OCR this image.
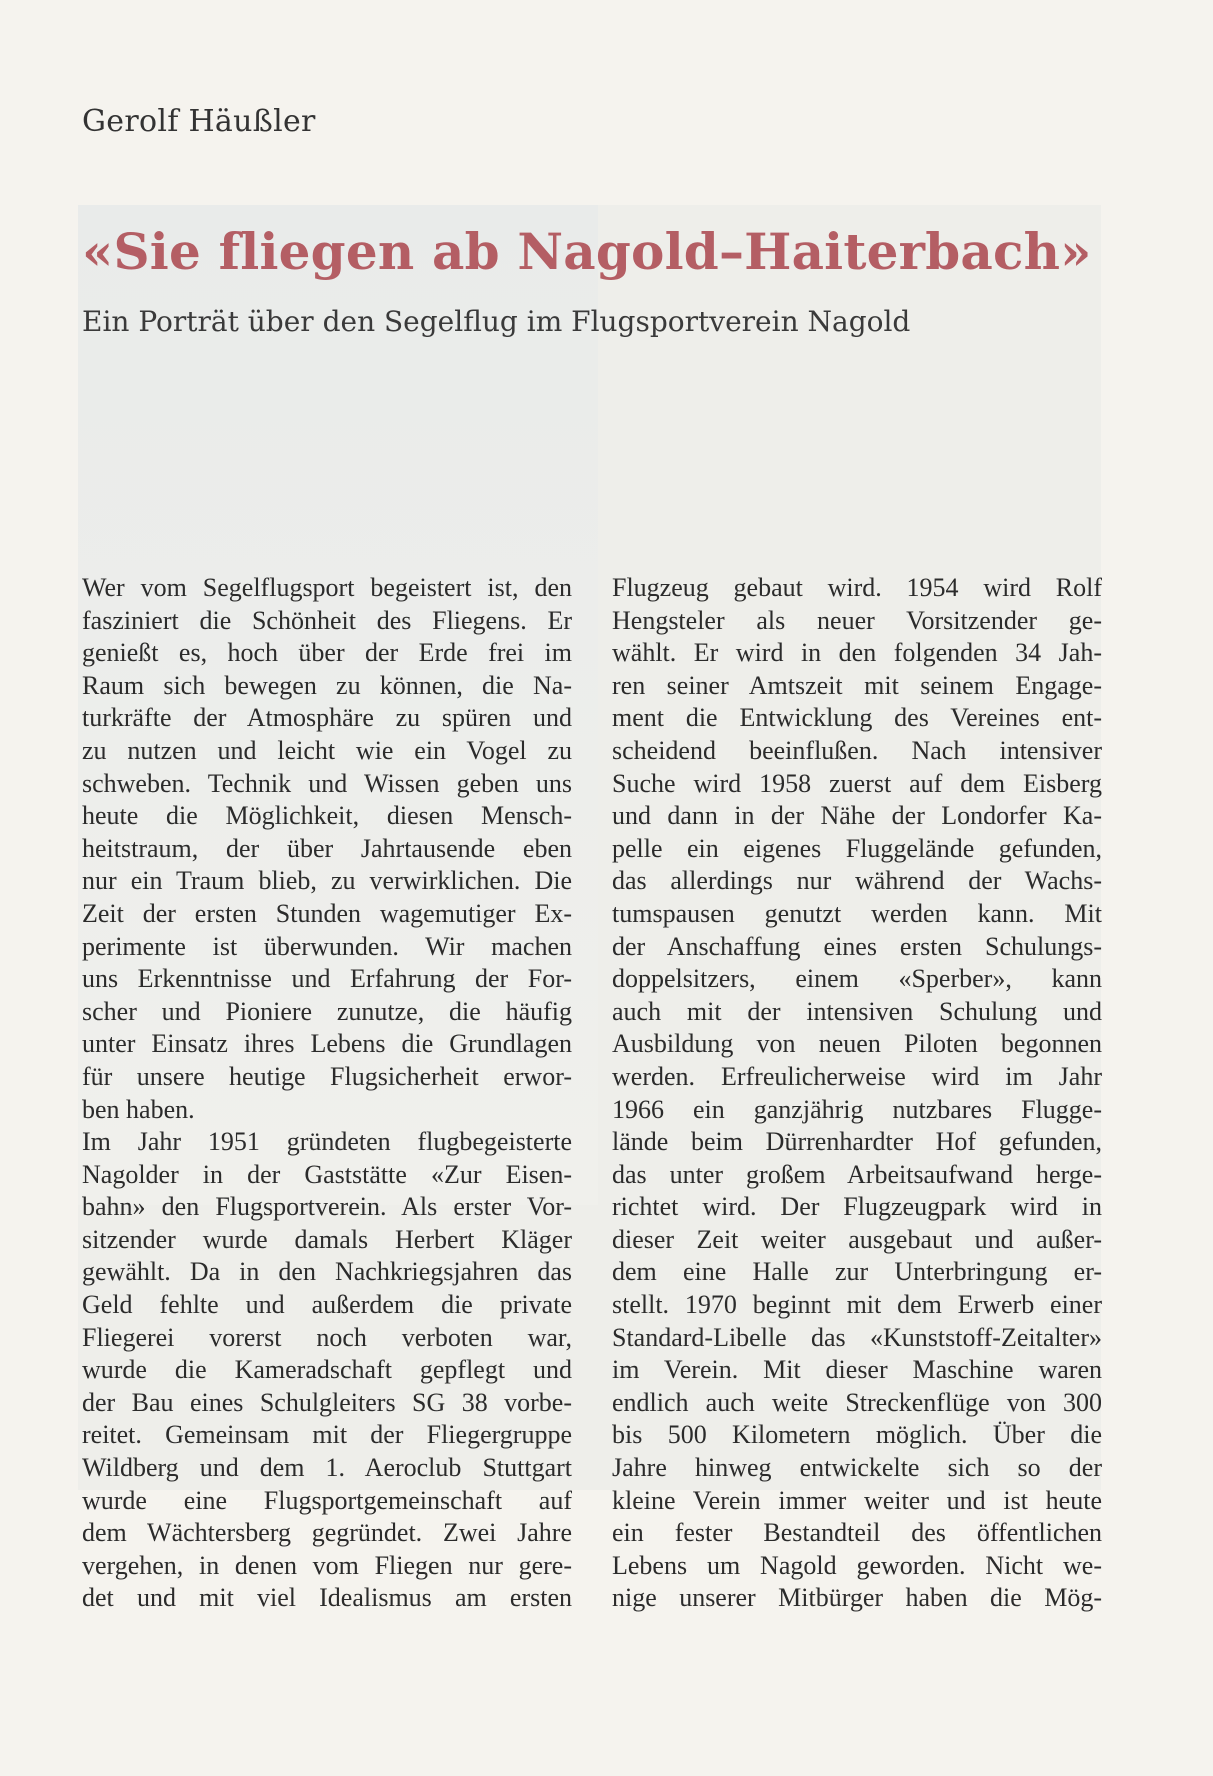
Gerolf Häußler
«Sie fliegen ab Nagold–Haiterbach»
Ein Porträt über den Segelflug im Flugsportverein Nagold
Wer vom Segelflugsport begeistert ist, den
fasziniert die Schönheit des Fliegens. Er
genießt es, hoch über der Erde frei im
Raum sich bewegen zu können, die Na-
turkräfte der Atmosphäre zu spüren und
zu nutzen und leicht wie ein Vogel zu
schweben. Technik und Wissen geben uns
heute die Möglichkeit, diesen Mensch-
heitstraum, der über Jahrtausende eben
nur ein Traum blieb, zu verwirklichen. Die
Zeit der ersten Stunden wagemutiger Ex-
perimente ist überwunden. Wir machen
uns Erkenntnisse und Erfahrung der For-
scher und Pioniere zunutze, die häufig
unter Einsatz ihres Lebens die Grundlagen
für unsere heutige Flugsicherheit erwor-
ben haben.
Im Jahr 1951 gründeten flugbegeisterte
Nagolder in der Gaststätte «Zur Eisen-
bahn» den Flugsportverein. Als erster Vor-
sitzender wurde damals Herbert Kläger
gewählt. Da in den Nachkriegsjahren das
Geld fehlte und außerdem die private
Fliegerei vorerst noch verboten war,
wurde die Kameradschaft gepflegt und
der Bau eines Schulgleiters SG 38 vorbe-
reitet. Gemeinsam mit der Fliegergruppe
Wildberg und dem 1. Aeroclub Stuttgart
wurde eine Flugsportgemeinschaft auf
dem Wächtersberg gegründet. Zwei Jahre
vergehen, in denen vom Fliegen nur gere-
det und mit viel Idealismus am ersten
Flugzeug gebaut wird. 1954 wird Rolf
Hengsteler als neuer Vorsitzender ge-
wählt. Er wird in den folgenden 34 Jah-
ren seiner Amtszeit mit seinem Engage-
ment die Entwicklung des Vereines ent-
scheidend beeinflußen. Nach intensiver
Suche wird 1958 zuerst auf dem Eisberg
und dann in der Nähe der Londorfer Ka-
pelle ein eigenes Fluggelände gefunden,
das allerdings nur während der Wachs-
tumspausen genutzt werden kann. Mit
der Anschaffung eines ersten Schulungs-
doppelsitzers, einem «Sperber», kann
auch mit der intensiven Schulung und
Ausbildung von neuen Piloten begonnen
werden. Erfreulicherweise wird im Jahr
1966 ein ganzjährig nutzbares Flugge-
lände beim Dürrenhardter Hof gefunden,
das unter großem Arbeitsaufwand herge-
richtet wird. Der Flugzeugpark wird in
dieser Zeit weiter ausgebaut und außer-
dem eine Halle zur Unterbringung er-
stellt. 1970 beginnt mit dem Erwerb einer
Standard-Libelle das «Kunststoff-Zeitalter»
im Verein. Mit dieser Maschine waren
endlich auch weite Streckenflüge von 300
bis 500 Kilometern möglich. Über die
Jahre hinweg entwickelte sich so der
kleine Verein immer weiter und ist heute
ein fester Bestandteil des öffentlichen
Lebens um Nagold geworden. Nicht we-
nige unserer Mitbürger haben die Mög-
